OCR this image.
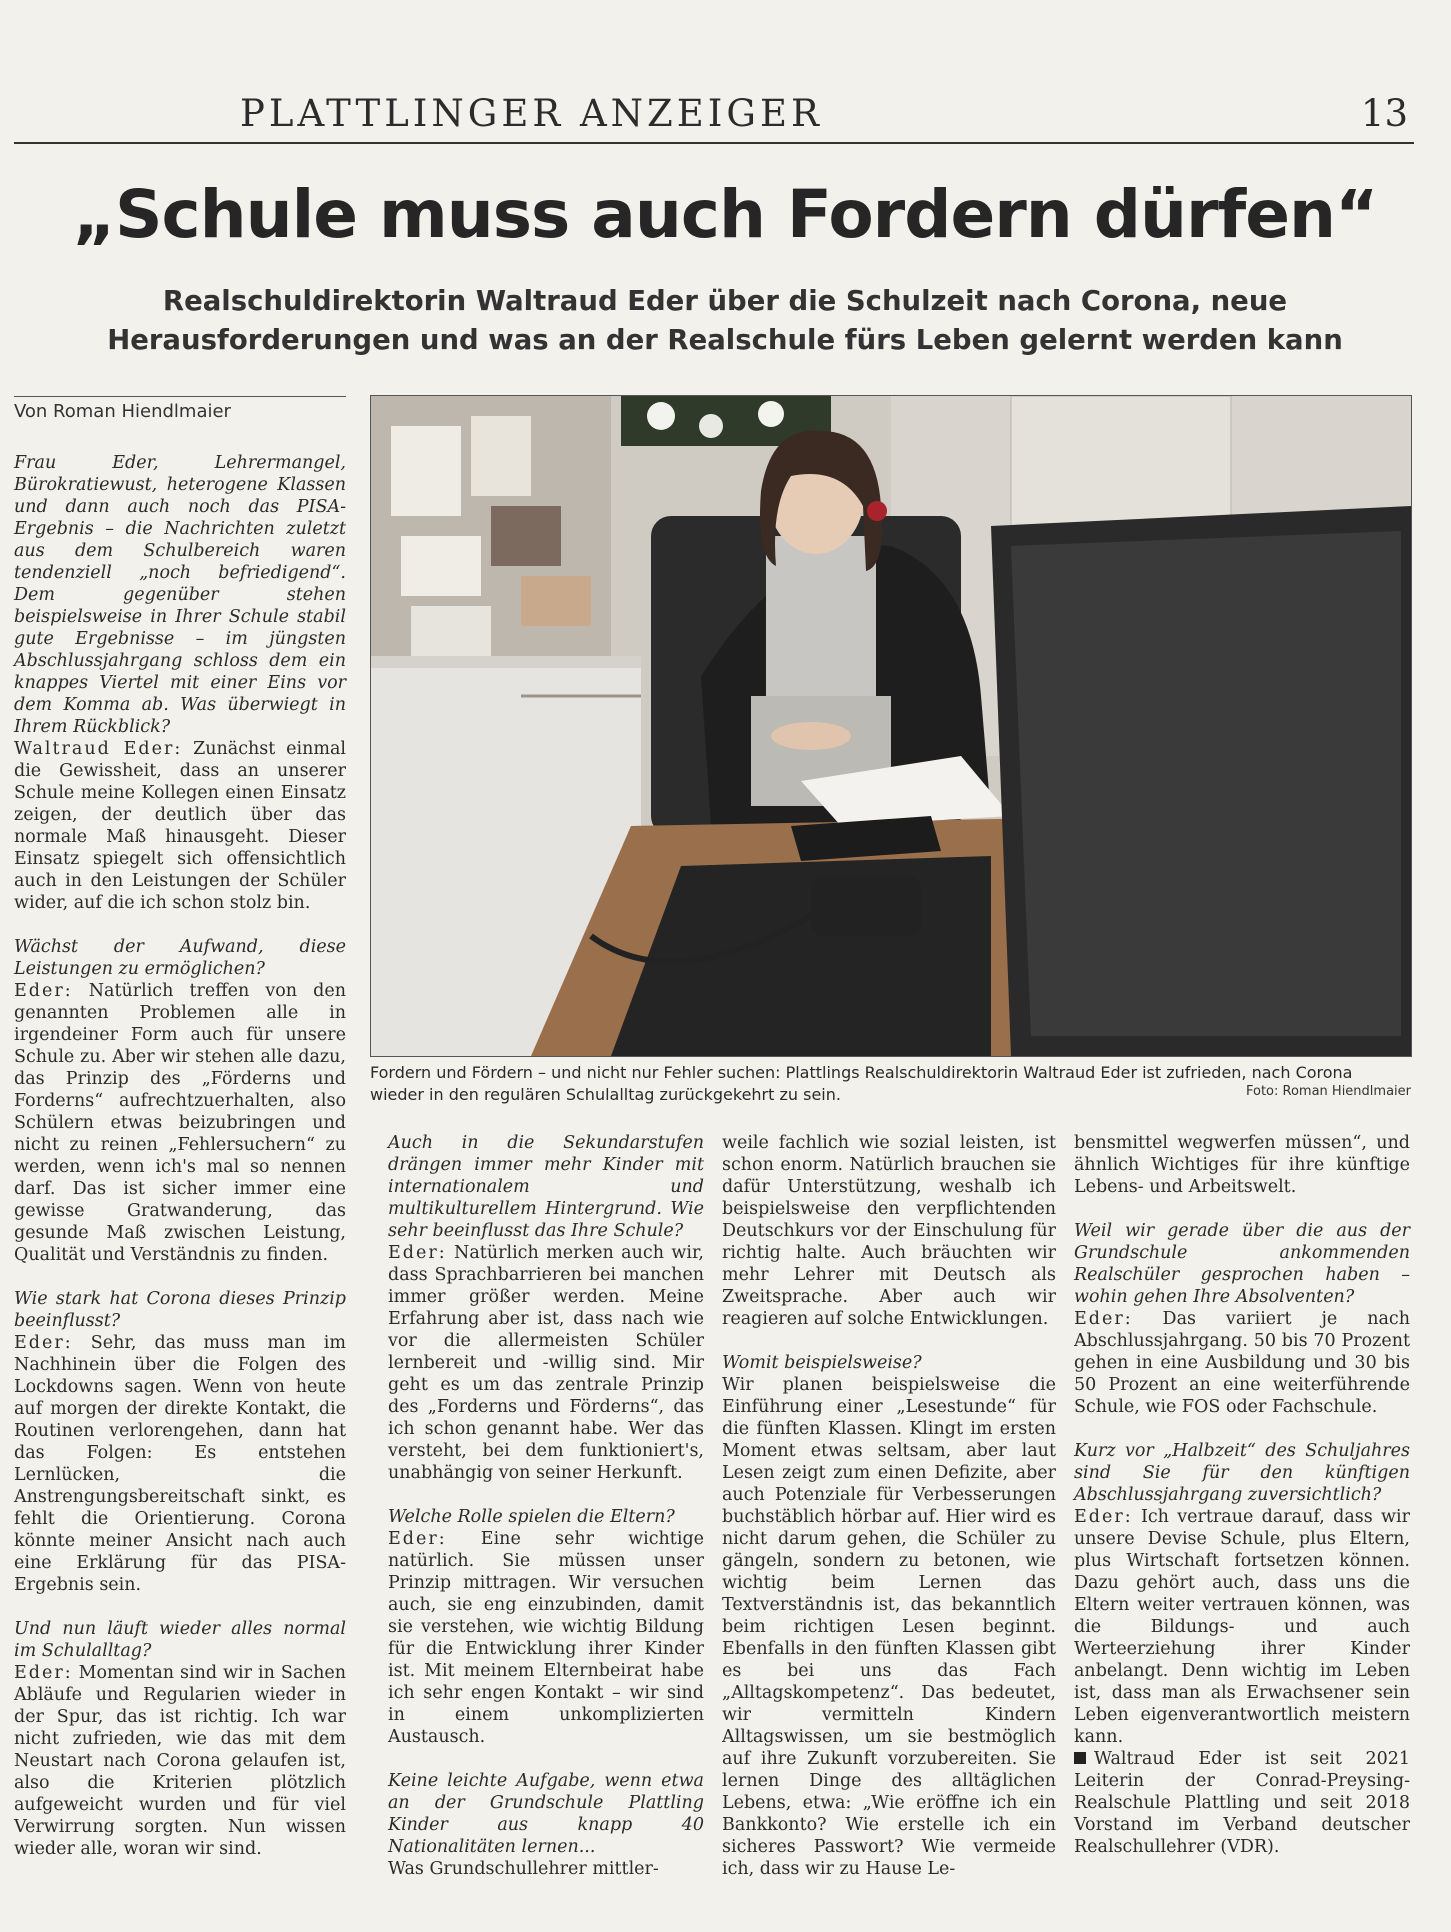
PLATTLINGER ANZEIGER	13
„Schule muss auch Fordern dürfen“
Realschuldirektorin Waltraud Eder über die Schulzeit nach Corona, neue
Herausforderungen und was an der Realschule fürs Leben gelernt werden kann
Von Roman Hiendlmaier

Frau Eder, Lehrermangel, Bürokratiewust, heterogene Klassen und dann auch noch das PISA-Ergebnis – die Nachrichten zuletzt aus dem Schulbereich waren tendenziell „noch befriedigend“. Dem gegenüber stehen beispielsweise in Ihrer Schule stabil gute Ergebnisse – im jüngsten Abschlussjahrgang schloss dem ein knappes Viertel mit einer Eins vor dem Komma ab. Was überwiegt in Ihrem Rückblick?

Waltraud Eder: Zunächst einmal die Gewissheit, dass an unserer Schule meine Kollegen einen Einsatz zeigen, der deutlich über das normale Maß hinausgeht. Dieser Einsatz spiegelt sich offensichtlich auch in den Leistungen der Schüler wider, auf die ich schon stolz bin.

Wächst der Aufwand, diese Leistungen zu ermöglichen?

Eder: Natürlich treffen von den genannten Problemen alle in irgendeiner Form auch für unsere Schule zu. Aber wir stehen alle dazu, das Prinzip des „Förderns und Forderns“ aufrechtzuerhalten, also Schülern etwas beizubringen und nicht zu reinen „Fehlersuchern“ zu werden, wenn ich's mal so nennen darf. Das ist sicher immer eine gewisse Gratwanderung, das gesunde Maß zwischen Leistung, Qualität und Verständnis zu finden.

Wie stark hat Corona dieses Prinzip beeinflusst?

Eder: Sehr, das muss man im Nachhinein über die Folgen des Lockdowns sagen. Wenn von heute auf morgen der direkte Kontakt, die Routinen verlorengehen, dann hat das Folgen: Es entstehen Lernlücken, die Anstrengungsbereitschaft sinkt, es fehlt die Orientierung. Corona könnte meiner Ansicht nach auch eine Erklärung für das PISA-Ergebnis sein.

Und nun läuft wieder alles normal im Schulalltag?

Eder: Momentan sind wir in Sachen Abläufe und Regularien wieder in der Spur, das ist richtig. Ich war nicht zufrieden, wie das mit dem Neustart nach Corona gelaufen ist, also die Kriterien plötzlich aufgeweicht wurden und für viel Verwirrung sorgten. Nun wissen wieder alle, woran wir sind.

Auch in die Sekundarstufen drängen immer mehr Kinder mit internationalem und multikulturellem Hintergrund. Wie sehr beeinflusst das Ihre Schule?

Eder: Natürlich merken auch wir, dass Sprachbarrieren bei manchen immer größer werden. Meine Erfahrung aber ist, dass nach wie vor die allermeisten Schüler lernbereit und -willig sind. Mir geht es um das zentrale Prinzip des „Forderns und Förderns“, das ich schon genannt habe. Wer das versteht, bei dem funktioniert's, unabhängig von seiner Herkunft.

Welche Rolle spielen die Eltern?

Eder: Eine sehr wichtige natürlich. Sie müssen unser Prinzip mittragen. Wir versuchen auch, sie eng einzubinden, damit sie verstehen, wie wichtig Bildung für die Entwicklung ihrer Kinder ist. Mit meinem Elternbeirat habe ich sehr engen Kontakt – wir sind in einem unkomplizierten Austausch.

Keine leichte Aufgabe, wenn etwa an der Grundschule Plattling Kinder aus knapp 40 Nationalitäten lernen...

Was Grundschullehrer mittler-

weile fachlich wie sozial leisten, ist schon enorm. Natürlich brauchen sie dafür Unterstützung, weshalb ich beispielsweise den verpflichtenden Deutschkurs vor der Einschulung für richtig halte. Auch bräuchten wir mehr Lehrer mit Deutsch als Zweitsprache. Aber auch wir reagieren auf solche Entwicklungen.

Womit beispielsweise?

Wir planen beispielsweise die Einführung einer „Lesestunde“ für die fünften Klassen. Klingt im ersten Moment etwas seltsam, aber laut Lesen zeigt zum einen Defizite, aber auch Potenziale für Verbesserungen buchstäblich hörbar auf. Hier wird es nicht darum gehen, die Schüler zu gängeln, sondern zu betonen, wie wichtig beim Lernen das Textverständnis ist, das bekanntlich beim richtigen Lesen beginnt. Ebenfalls in den fünften Klassen gibt es bei uns das Fach „Alltagskompetenz“. Das bedeutet, wir vermitteln Kindern Alltagswissen, um sie bestmöglich auf ihre Zukunft vorzubereiten. Sie lernen Dinge des alltäglichen Lebens, etwa: „Wie eröffne ich ein Bankkonto? Wie erstelle ich ein sicheres Passwort? Wie vermeide ich, dass wir zu Hause Le-

bensmittel wegwerfen müssen“, und ähnlich Wichtiges für ihre künftige Lebens- und Arbeitswelt.

Weil wir gerade über die aus der Grundschule ankommenden Realschüler gesprochen haben – wohin gehen Ihre Absolventen?

Eder: Das variiert je nach Abschlussjahrgang. 50 bis 70 Prozent gehen in eine Ausbildung und 30 bis 50 Prozent an eine weiterführende Schule, wie FOS oder Fachschule.

Kurz vor „Halbzeit“ des Schuljahres sind Sie für den künftigen Abschlussjahrgang zuversichtlich?

Eder: Ich vertraue darauf, dass wir unsere Devise Schule, plus Eltern, plus Wirtschaft fortsetzen können. Dazu gehört auch, dass uns die Eltern weiter vertrauen können, was die Bildungs- und auch Werteerziehung ihrer Kinder anbelangt. Denn wichtig im Leben ist, dass man als Erwachsener sein Leben eigenverantwortlich meistern kann.

Waltraud Eder ist seit 2021 Leiterin der Conrad-Preysing-Realschule Plattling und seit 2018 Vorstand im Verband deutscher Realschullehrer (VDR).

Fordern und Fördern – und nicht nur Fehler suchen: Plattlings Realschuldirektorin Waltraud Eder ist zufrieden, nach Corona wieder in den regulären Schulalltag zurückgekehrt zu sein.	Foto: Roman Hiendlmaier
